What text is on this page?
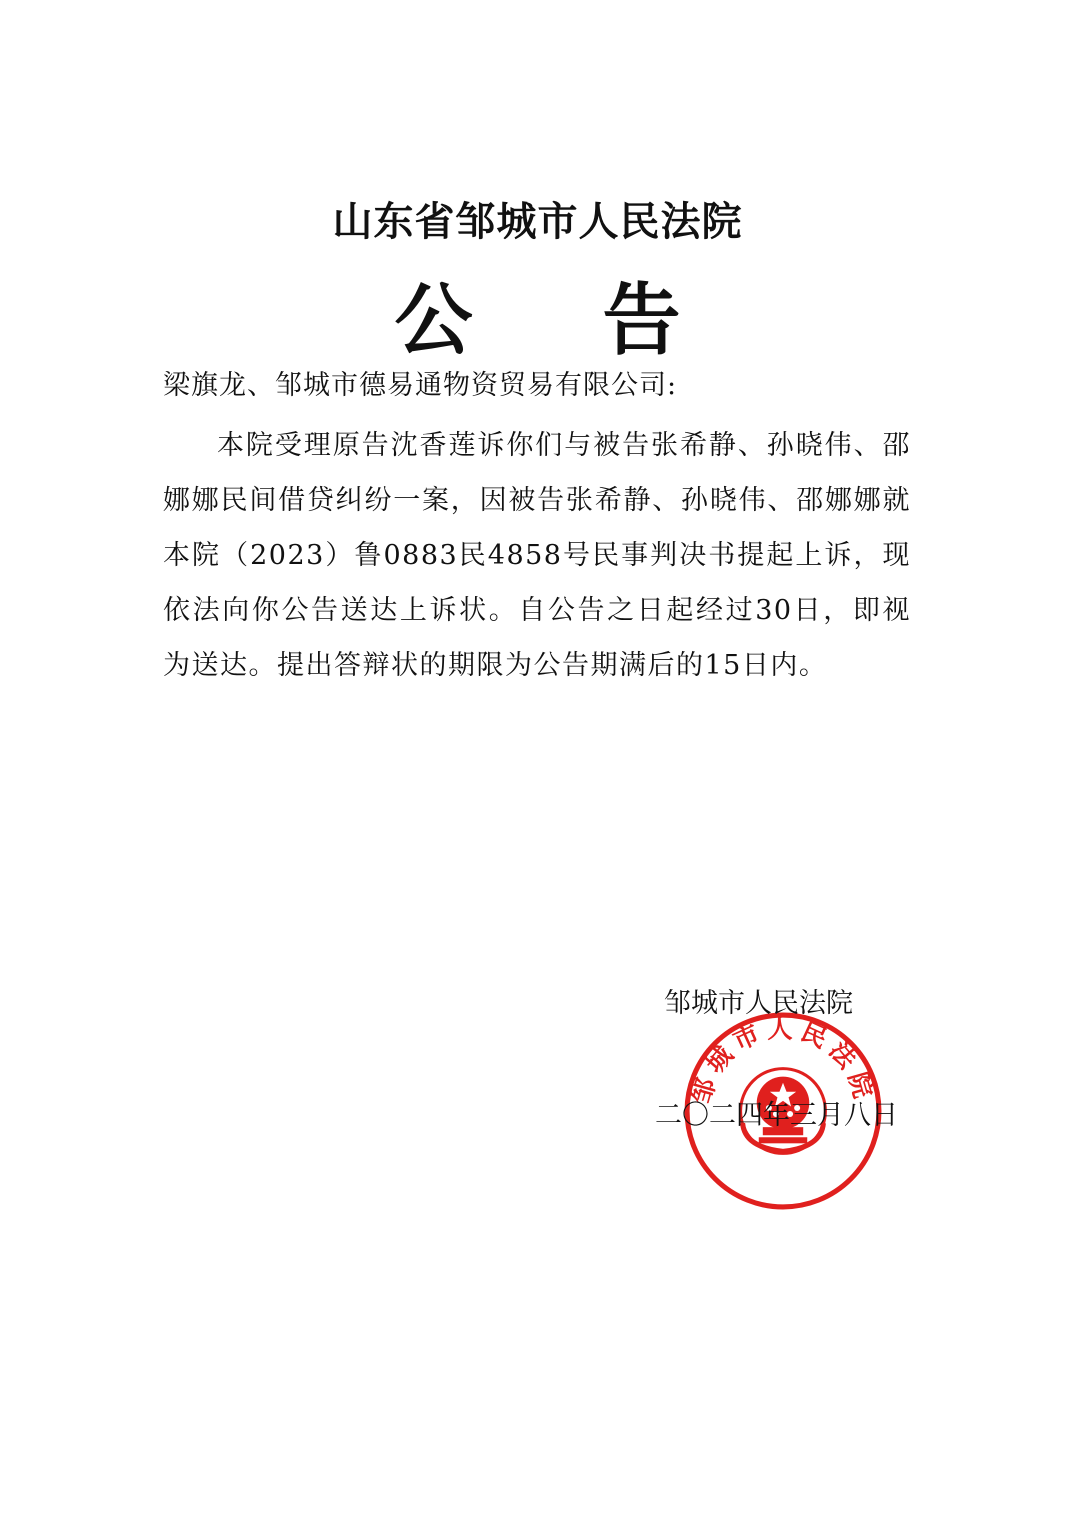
山东省邹城市人民法院
公 告
梁旗龙、邹城市德易通物资贸易有限公司:
本院受理原告沈香莲诉你们与被告张希静、孙晓伟、邵娜娜民间借贷纠纷一案，因被告张希静、孙晓伟、邵娜娜就本院（2023）鲁0883民4858号民事判决书提起上诉，现依法向你公告送达上诉状。自公告之日起经过30日，即视为送达。提出答辩状的期限为公告期满后的15日内。
邹城市人民法院
邹城市人民法院
二〇二四年三月八日
